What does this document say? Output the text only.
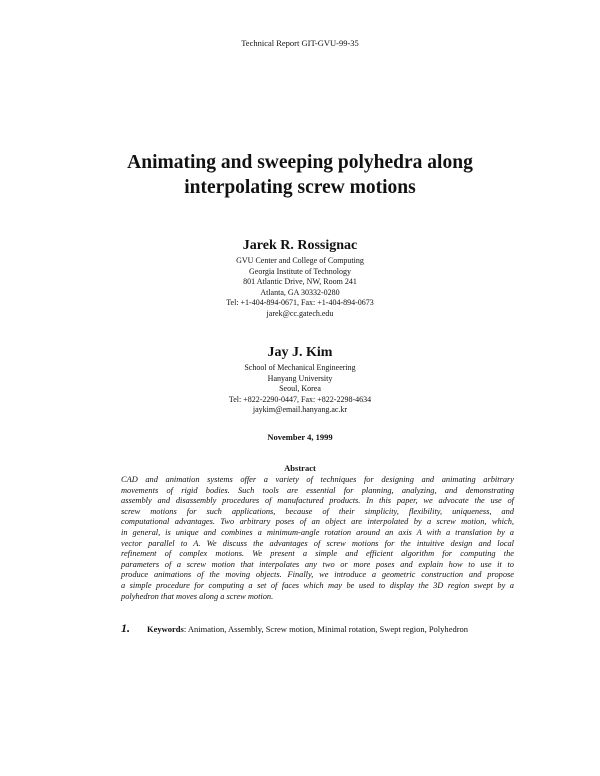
Technical Report GIT-GVU-99-35
Animating and sweeping polyhedra along
interpolating screw motions
Jarek R. Rossignac
GVU Center and College of Computing
Georgia Institute of Technology
801 Atlantic Drive, NW, Room 241
Atlanta, GA 30332-0280
Tel: +1-404-894-0671, Fax: +1-404-894-0673
jarek@cc.gatech.edu
Jay J. Kim
School of Mechanical Engineering
Hanyang University
Seoul, Korea
Tel: +822-2290-0447, Fax: +822-2298-4634
jaykim@email.hanyang.ac.kr
November 4, 1999
Abstract
CAD and animation systems offer a variety of techniques for designing and animating arbitrary
movements of rigid bodies. Such tools are essential for planning, analyzing, and demonstrating
assembly and disassembly procedures of manufactured products. In this paper, we advocate the use of
screw motions for such applications, because of their simplicity, flexibility, uniqueness, and
computational advantages. Two arbitrary poses of an object are interpolated by a screw motion, which,
in general, is unique and combines a minimum-angle rotation around an axis A with a translation by a
vector parallel to A. We discuss the advantages of screw motions for the intuitive design and local
refinement of complex motions. We present a simple and efficient algorithm for computing the
parameters of a screw motion that interpolates any two or more poses and explain how to use it to
produce animations of the moving objects. Finally, we introduce a geometric construction and propose
a simple procedure for computing a set of faces which may be used to display the 3D region swept by a
polyhedron that moves along a screw motion.
1. Keywords: Animation, Assembly, Screw motion, Minimal rotation, Swept region, Polyhedron
